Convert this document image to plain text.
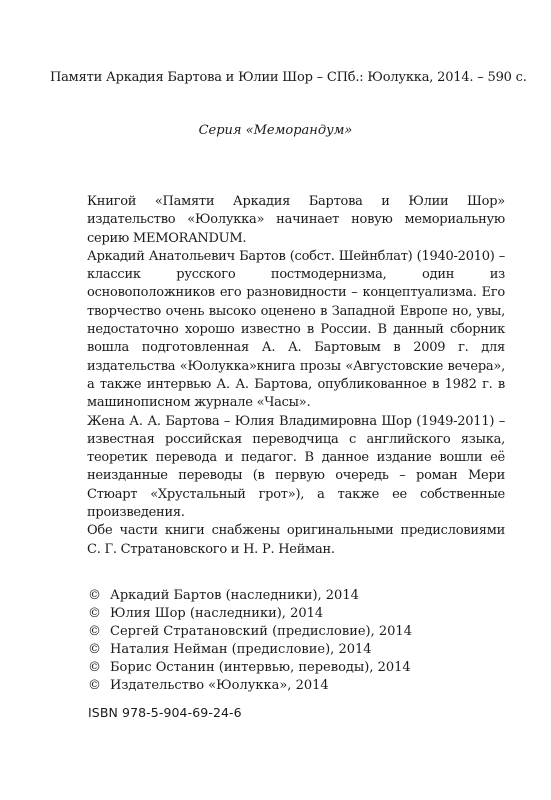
Памяти Аркадия Бартова и Юлии Шор – СПб.: Юолукка, 2014. – 590 с.
Серия «Меморандум»

Книгой «Памяти Аркадия Бартова и Юлии Шор» издательство «Юолукка» начинает новую мемориальную серию MEMORANDUM.

Аркадий Анатольевич Бартов (собст. Шейнблат) (1940-2010) – классик русского постмодернизма, один из основоположников его разновидности – концептуализма. Его творчество очень высоко оценено в Западной Европе но, увы, недостаточно хорошо известно в России. В данный сборник вошла подготовленная А. А. Бартовым в 2009 г. для издательства «Юолукка»книга прозы «Августовские вечера», а также интервью А. А. Бартова, опубликованное в 1982 г. в машинописном журнале «Часы».

Жена А. А. Бартова – Юлия Владимировна Шор (1949-2011) – известная российская переводчица с английского языка, теоретик перевода и педагог. В данное издание вошли её неизданные переводы (в первую очередь – роман Мери Стюарт «Хрустальный грот»), а также ее собственные произведения.

Обе части книги снабжены оригинальными предисловиями С. Г. Стратановского и Н. Р. Нейман.

© Аркадий Бартов (наследники), 2014
© Юлия Шор (наследники), 2014
© Сергей Стратановский (предисловие), 2014
© Наталия Нейман (предисловие), 2014
© Борис Останин (интервью, переводы), 2014
© Издательство «Юолукка», 2014
ISBN 978-5-904-69-24-6
